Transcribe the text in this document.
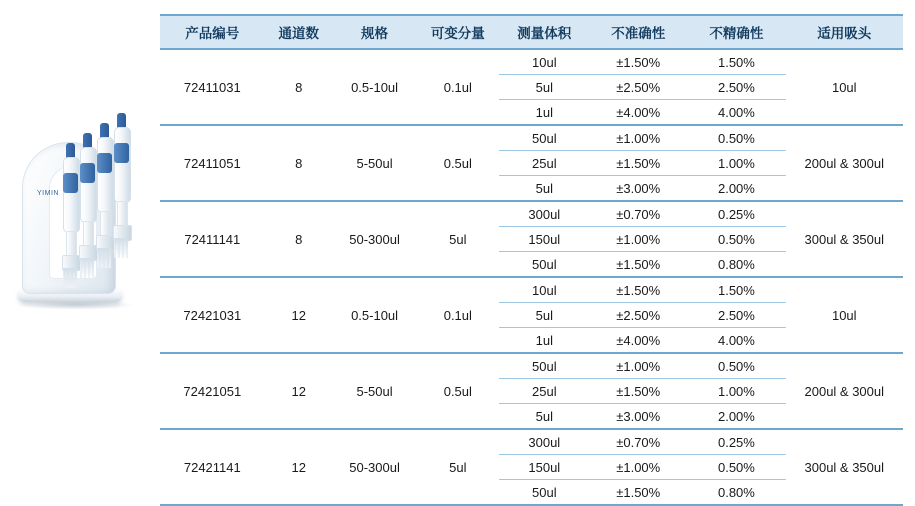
YIMIN
产品编号	通道数	规格	可变分量	测量体积	不准确性	不精确性	适用吸头
72411031	8	0.5-10ul	0.1ul	10ul	±1.50%	1.50%	10ul
				5ul	±2.50%	2.50%	
				1ul	±4.00%	4.00%	
72411051	8	5-50ul	0.5ul	50ul	±1.00%	0.50%	200ul & 300ul
				25ul	±1.50%	1.00%	
				5ul	±3.00%	2.00%	
72411141	8	50-300ul	5ul	300ul	±0.70%	0.25%	300ul & 350ul
				150ul	±1.00%	0.50%	
				50ul	±1.50%	0.80%	
72421031	12	0.5-10ul	0.1ul	10ul	±1.50%	1.50%	10ul
				5ul	±2.50%	2.50%	
				1ul	±4.00%	4.00%	
72421051	12	5-50ul	0.5ul	50ul	±1.00%	0.50%	200ul & 300ul
				25ul	±1.50%	1.00%	
				5ul	±3.00%	2.00%	
72421141	12	50-300ul	5ul	300ul	±0.70%	0.25%	300ul & 350ul
				150ul	±1.00%	0.50%	
				50ul	±1.50%	0.80%	
